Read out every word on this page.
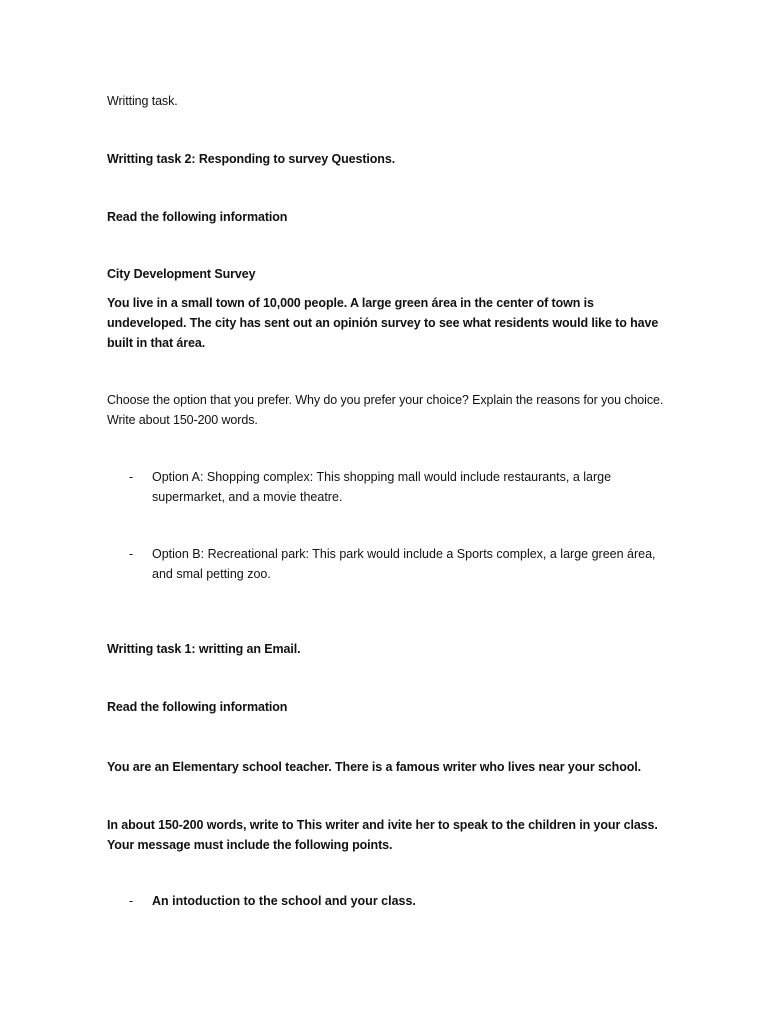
Writting task.

Writting task 2: Responding to survey Questions.

Read the following information

City Development Survey

You live in a small town of 10,000 people. A large green área in the center of town is undeveloped. The city has sent out an opinión survey to see what residents would like to have built in that área.

Choose the option that you prefer. Why do you prefer your choice? Explain the reasons for you choice. Write about 150-200 words.

- Option A: Shopping complex: This shopping mall would include restaurants, a large supermarket, and a movie theatre.
- Option B: Recreational park: This park would include a Sports complex, a large green área, and smal petting zoo.

Writting task 1: writting an Email.

Read the following information

You are an Elementary school teacher. There is a famous writer who lives near your school.

In about 150-200 words, write to This writer and ivite her to speak to the children in your class. Your message must include the following points.

- An intoduction to the school and your class.
